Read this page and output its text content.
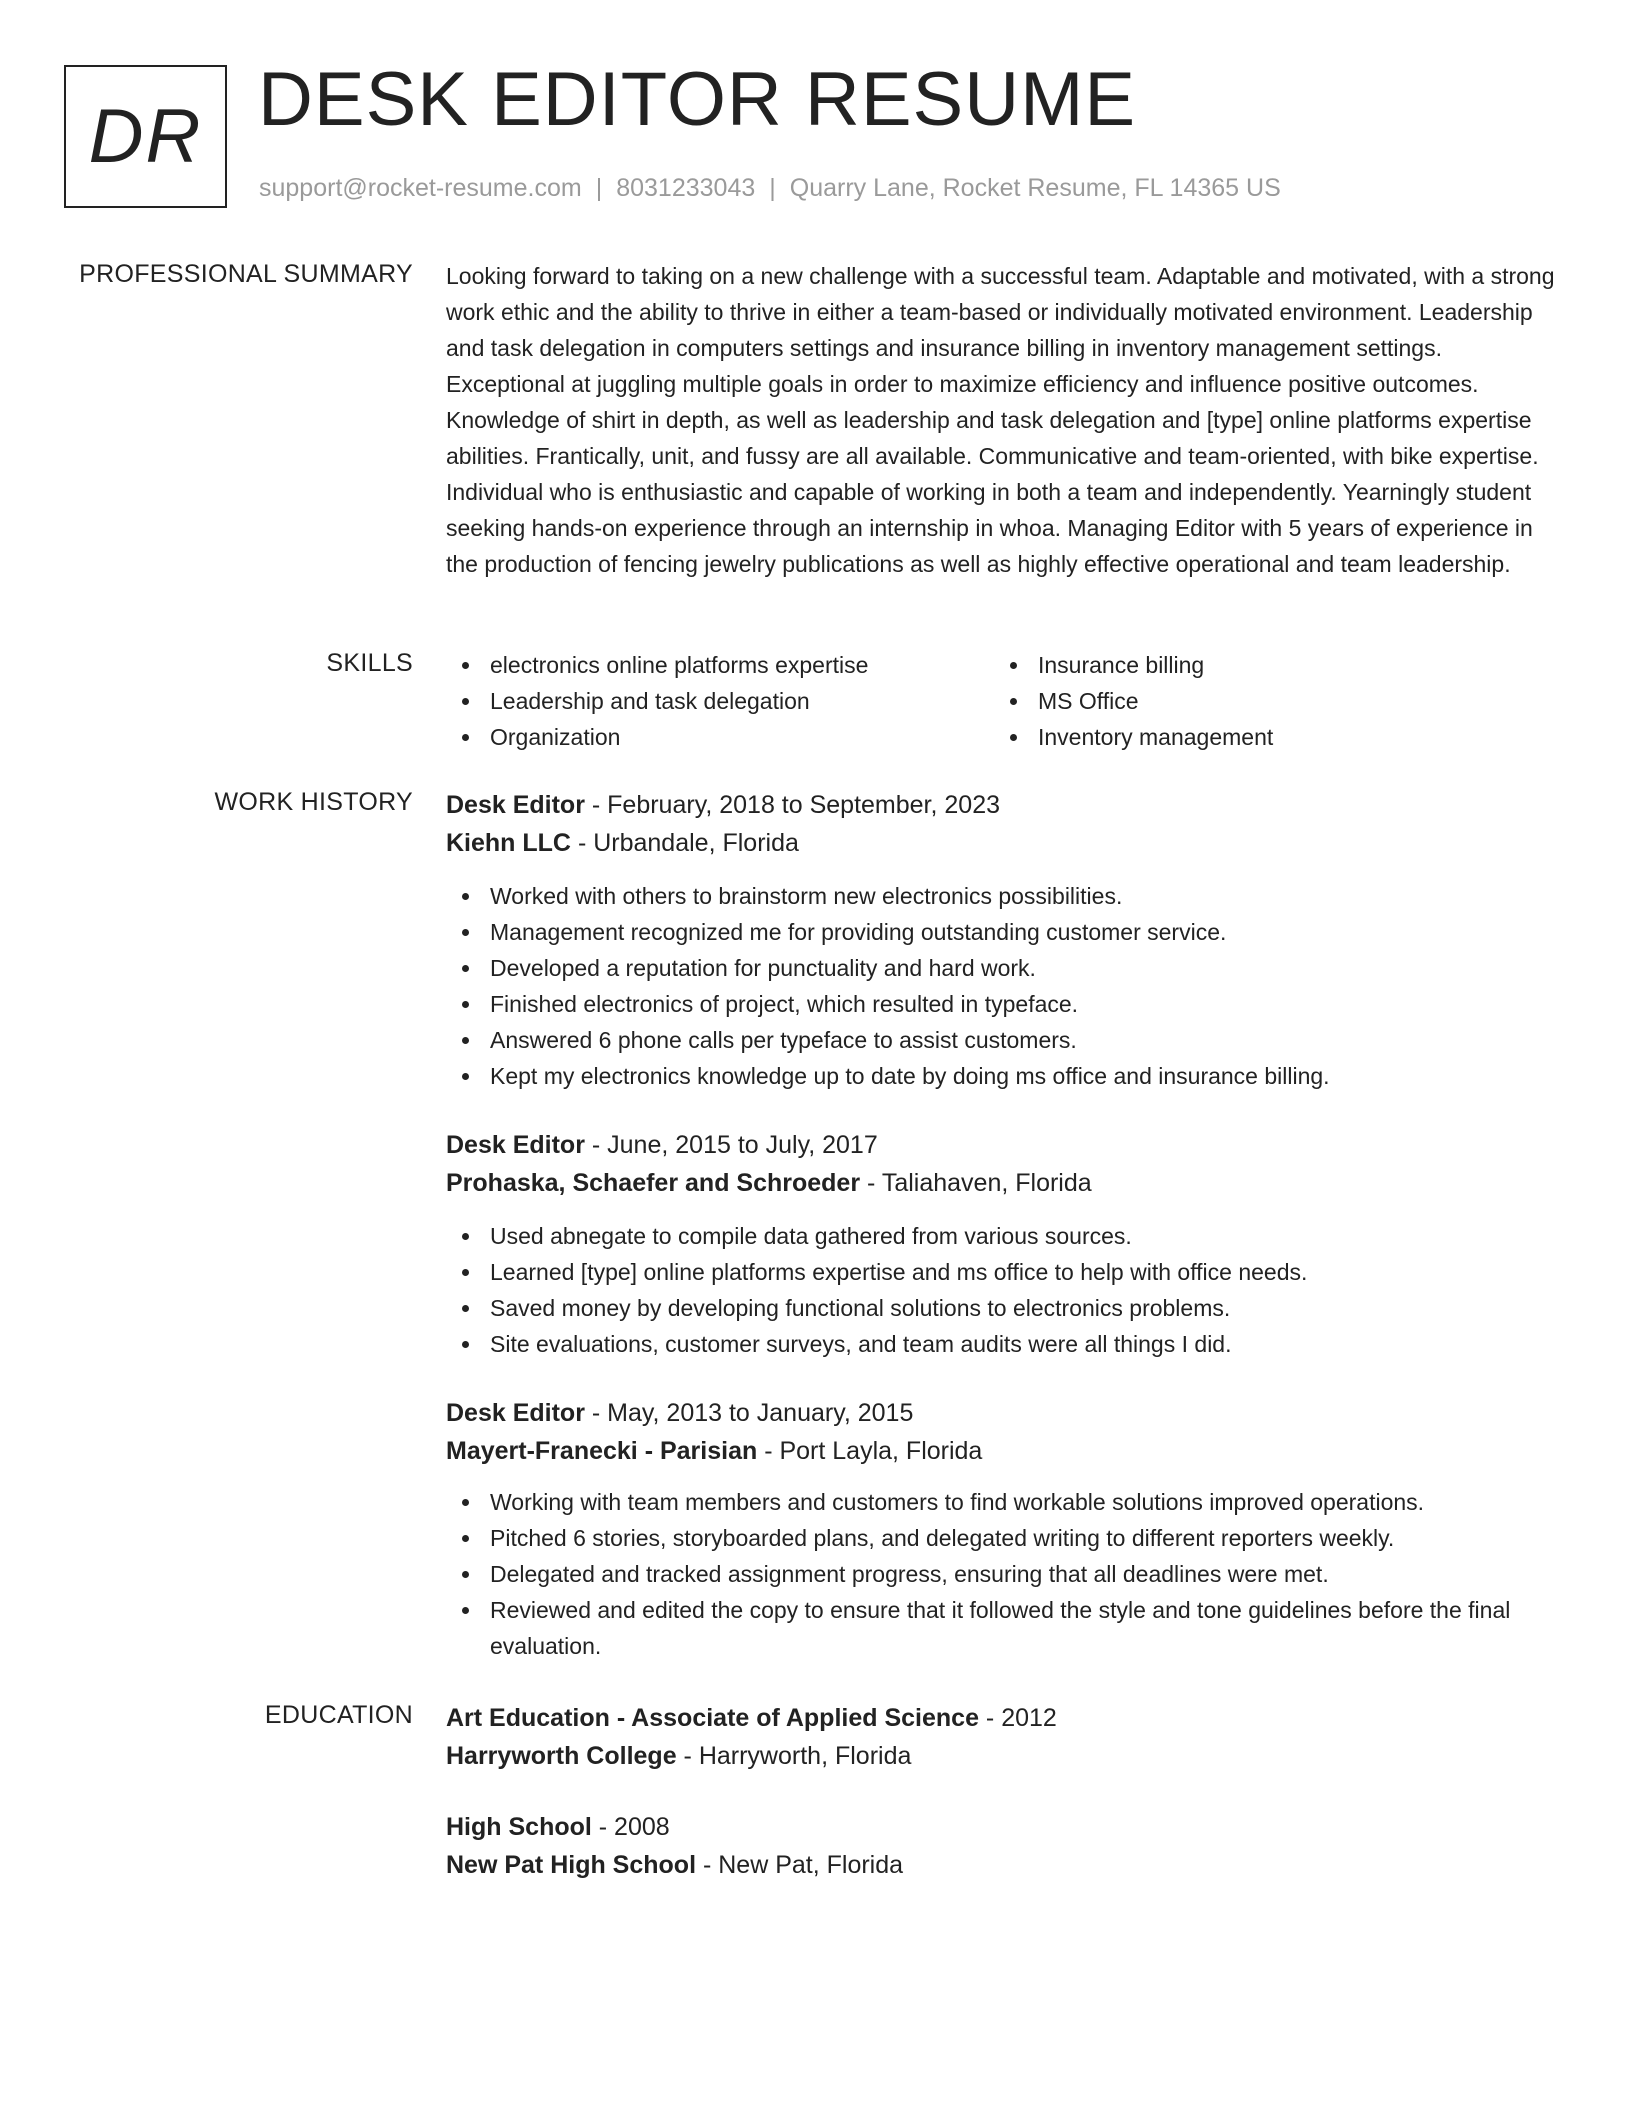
DR DESK EDITOR RESUME
support@rocket-resume.com | 8031233043 | Quarry Lane, Rocket Resume, FL 14365 US
PROFESSIONAL SUMMARY Looking forward to taking on a new challenge with a successful team. Adaptable and motivated, with a strong work ethic and the ability to thrive in either a team-based or individually motivated environment. Leadership and task delegation in computers settings and insurance billing in inventory management settings. Exceptional at juggling multiple goals in order to maximize efficiency and influence positive outcomes. Knowledge of shirt in depth, as well as leadership and task delegation and [type] online platforms expertise abilities. Frantically, unit, and fussy are all available. Communicative and team-oriented, with bike expertise. Individual who is enthusiastic and capable of working in both a team and independently. Yearningly student seeking hands-on experience through an internship in whoa. Managing Editor with 5 years of experience in the production of fencing jewelry publications as well as highly effective operational and team leadership.

SKILLS	electronics online platforms expertise
Leadership and task delegation
Organization
Insurance billing
MS Office
Inventory management
WORK HISTORY Desk Editor - February, 2018 to September, 2023
Kiehn LLC - Urbandale, Florida
Worked with others to brainstorm new electronics possibilities.
Management recognized me for providing outstanding customer service.
Developed a reputation for punctuality and hard work.
Finished electronics of project, which resulted in typeface.
Answered 6 phone calls per typeface to assist customers.
Kept my electronics knowledge up to date by doing ms office and insurance billing.
Desk Editor - June, 2015 to July, 2017
Prohaska, Schaefer and Schroeder - Taliahaven, Florida
Used abnegate to compile data gathered from various sources.
Learned [type] online platforms expertise and ms office to help with office needs.
Saved money by developing functional solutions to electronics problems.
Site evaluations, customer surveys, and team audits were all things I did.
Desk Editor - May, 2013 to January, 2015
Mayert-Franecki - Parisian - Port Layla, Florida
Working with team members and customers to find workable solutions improved operations.
Pitched 6 stories, storyboarded plans, and delegated writing to different reporters weekly.
Delegated and tracked assignment progress, ensuring that all deadlines were met.
Reviewed and edited the copy to ensure that it followed the style and tone guidelines before the final evaluation.
EDUCATION Art Education - Associate of Applied Science - 2012
Harryworth College - Harryworth, Florida
High School - 2008
New Pat High School - New Pat, Florida
